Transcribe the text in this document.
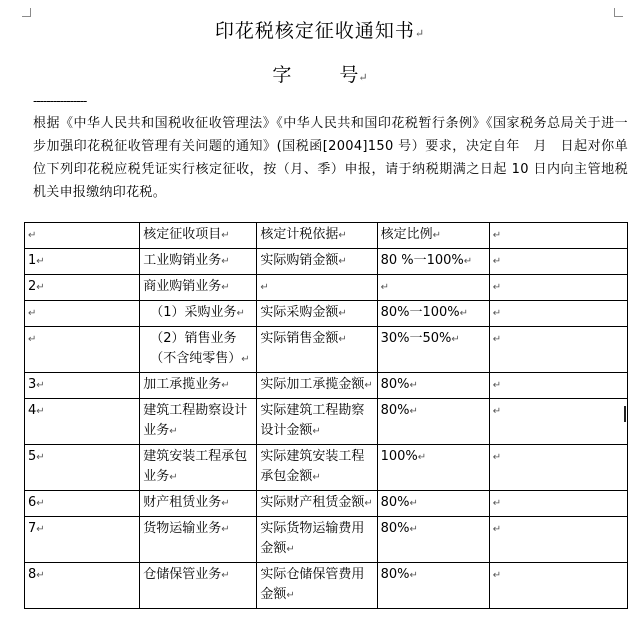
印花税核定征收通知书↵
字	号↵
----------------
根据《中华人民共和国税收征收管理法》《中华人民共和国印花税暂行条例》《国家税务总局关于进一步加强印花税征收管理有关问题的通知》(国税函[2004]150 号）要求，决定自年　月　日起对你单位下列印花税应税凭证实行核定征收，按（月、季）申报，请于纳税期满之日起 10 日内向主管地税机关申报缴纳印花税。
↵	核定征收项目↵	核定计税依据↵	核定比例↵	↵
1↵	工业购销业务↵	实际购销金额↵	80 %一100%↵	↵
2↵	商业购销业务↵	↵	↵	↵
↵	（1）采购业务↵	实际采购金额↵	80%一100%↵	↵
↵	（2）销售业务（不含纯零售）↵	实际销售金额↵	30%一50%↵	↵
3↵	加工承揽业务↵	实际加工承揽金额↵	80%↵	↵
4↵	建筑工程勘察设计业务↵	实际建筑工程勘察设计金额↵	80%↵	↵
5↵	建筑安装工程承包业务↵	实际建筑安装工程承包金额↵	100%↵	↵
6↵	财产租赁业务↵	实际财产租赁金额↵	80%↵	↵
7↵	货物运输业务↵	实际货物运输费用金额↵	80%↵	↵
8↵	仓储保管业务↵	实际仓储保管费用金额↵	80%↵	↵
